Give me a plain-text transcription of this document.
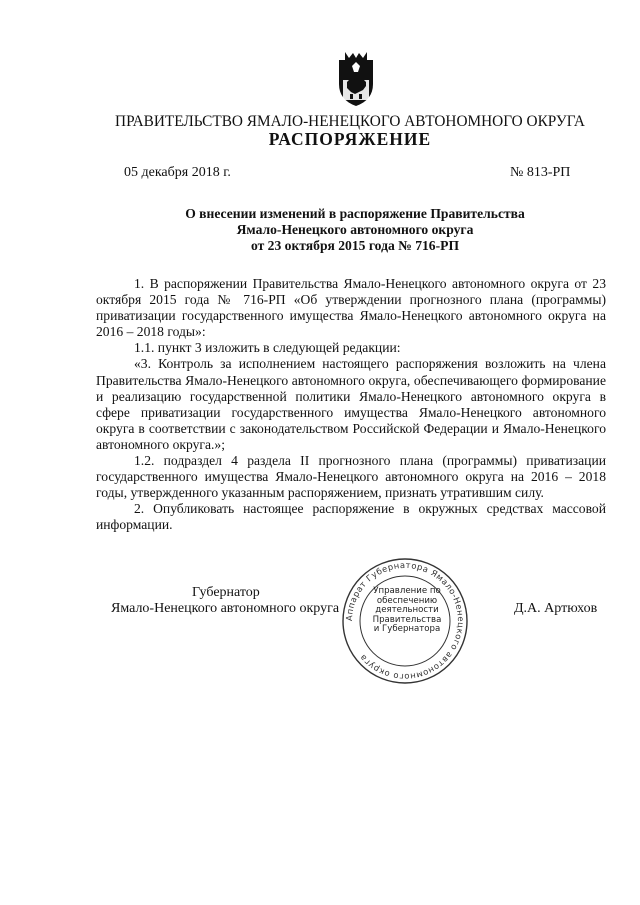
ПРАВИТЕЛЬСТВО ЯМАЛО-НЕНЕЦКОГО АВТОНОМНОГО ОКРУГА
РАСПОРЯЖЕНИЕ
05 декабря 2018 г.	№ 813-РП
О внесении изменений в распоряжение Правительства
Ямало-Ненецкого автономного округа
от 23 октября 2015 года № 716-РП

1. В распоряжении Правительства Ямало-Ненецкого автономного округа от 23 октября 2015 года № 716-РП «Об утверждении прогнозного плана (программы) приватизации государственного имущества Ямало-Ненецкого автономного округа на 2016 – 2018 годы»:

1.1. пункт 3 изложить в следующей редакции:

«3. Контроль за исполнением настоящего распоряжения возложить на члена Правительства Ямало-Ненецкого автономного округа, обеспечивающего формирование и реализацию государственной политики Ямало-Ненецкого автономного округа в сфере приватизации государственного имущества Ямало-Ненецкого автономного округа в соответствии с законодательством Российской Федерации и Ямало-Ненецкого автономного округа.»;

1.2. подраздел 4 раздела II прогнозного плана (программы) приватизации государственного имущества Ямало-Ненецкого автономного округа на 2016 – 2018 годы, утвержденного указанным распоряжением, признать утратившим силу.

2. Опубликовать настоящее распоряжение в окружных средствах массовой информации.

Губернатор
Ямало-Ненецкого автономного округа	Д.А. Артюхов
Аппарат Губернатора Ямало-Ненецкого автономного округа
Управление по
обеспечению
деятельности
Правительства
и Губернатора
